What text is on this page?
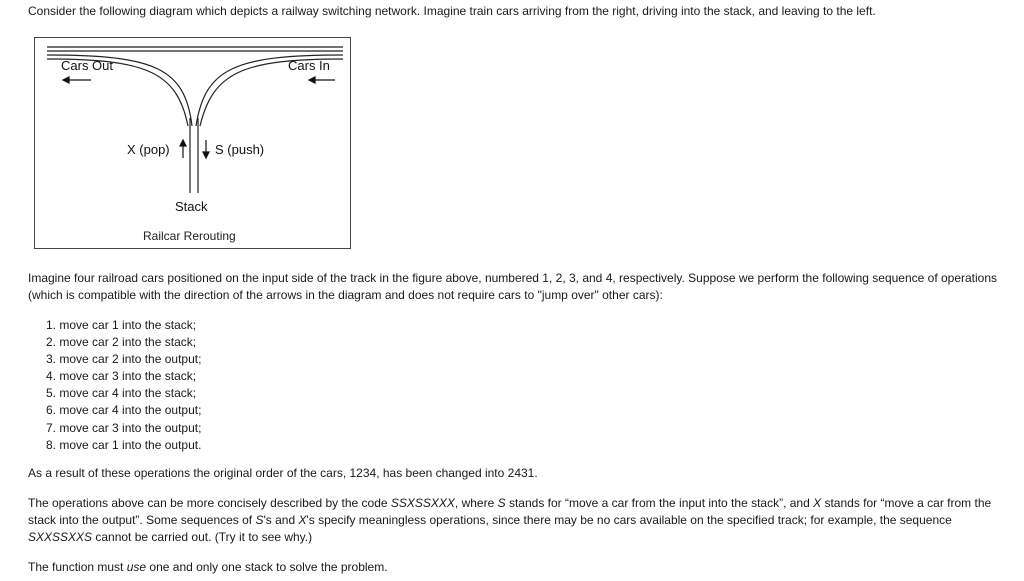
Consider the following diagram which depicts a railway switching network. Imagine train cars arriving from the right, driving into the stack, and leaving to the left.

Cars Out	Cars In
X (pop)	S (push)
Stack
Railcar Rerouting

Imagine four railroad cars positioned on the input side of the track in the figure above, numbered 1, 2, 3, and 4, respectively. Suppose we perform the following sequence of operations (which is compatible with the direction of the arrows in the diagram and does not require cars to "jump over" other cars):

1. move car 1 into the stack;
2. move car 2 into the stack;
3. move car 2 into the output;
4. move car 3 into the stack;
5. move car 4 into the stack;
6. move car 4 into the output;
7. move car 3 into the output;
8. move car 1 into the output.

As a result of these operations the original order of the cars, 1234, has been changed into 2431.

The operations above can be more concisely described by the code SSXSSXXX, where S stands for “move a car from the input into the stack”, and X stands for “move a car from the stack into the output”. Some sequences of S's and X's specify meaningless operations, since there may be no cars available on the specified track; for example, the sequence SXXSSXXS cannot be carried out. (Try it to see why.)

The function must use one and only one stack to solve the problem.
